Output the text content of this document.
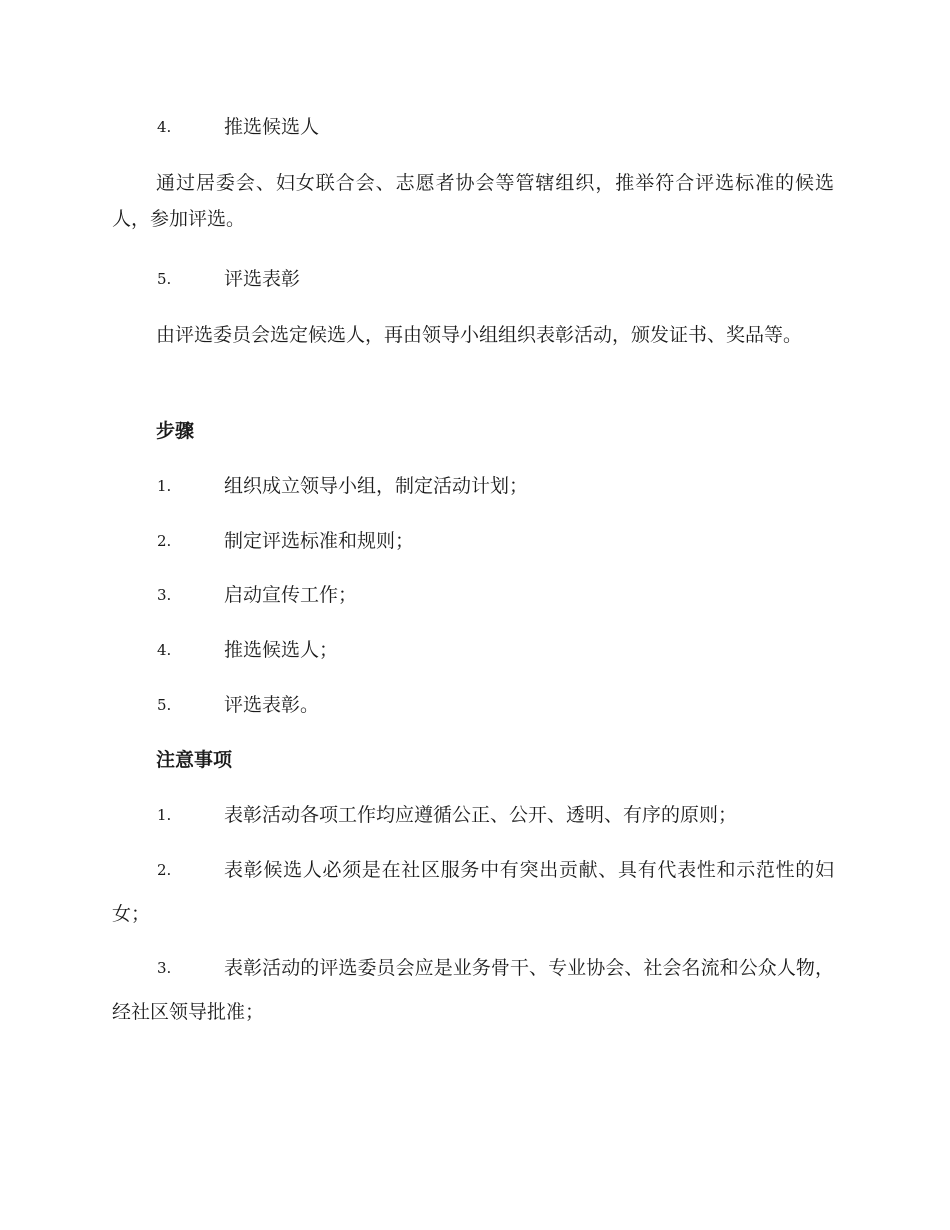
4.	推选候选人

通过居委会、妇女联合会、志愿者协会等管辖组织，推举符合评选标准的候选人，参加评选。

5.	评选表彰

由评选委员会选定候选人，再由领导小组组织表彰活动，颁发证书、奖品等。

步骤
1.	组织成立领导小组，制定活动计划；
2.	制定评选标准和规则；
3.	启动宣传工作；
4.	推选候选人；
5.	评选表彰。
注意事项
1.	表彰活动各项工作均应遵循公正、公开、透明、有序的原则；
2.	表彰候选人必须是在社区服务中有突出贡献、具有代表性和示范性的妇女；

3.	表彰活动的评选委员会应是业务骨干、专业协会、社会名流和公众人物，经社区领导批准；
